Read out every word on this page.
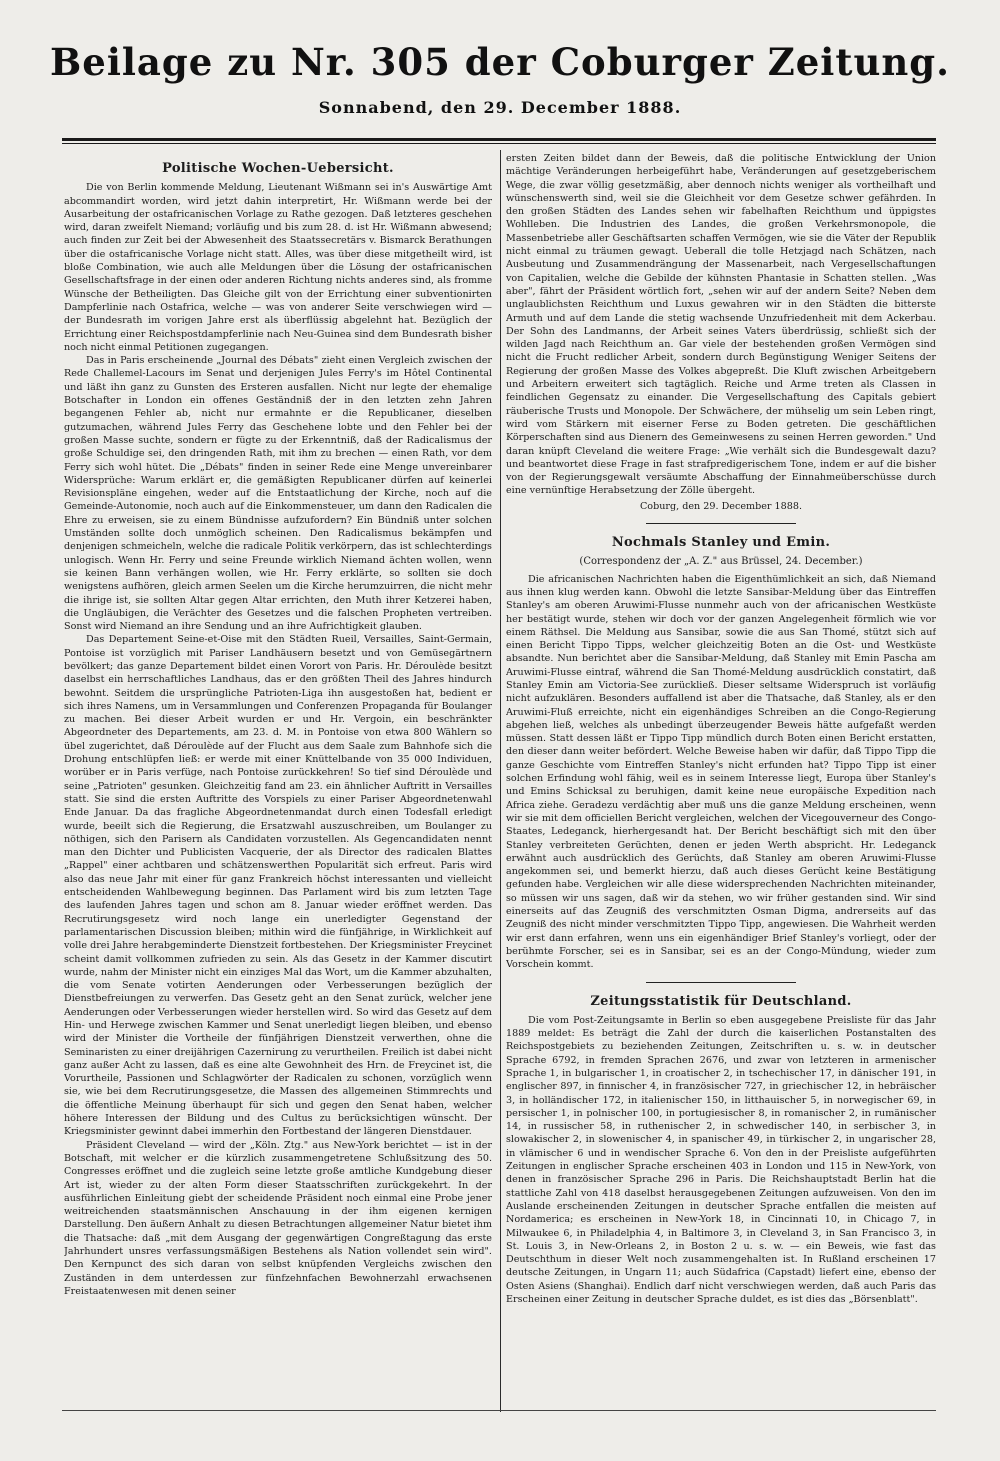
Beilage zu Nr. 305 der Coburger Zeitung.
Sonnabend, den 29. December 1888.
Politische Wochen-Uebersicht.

Die von Berlin kommende Meldung, Lieutenant Wißmann sei in's Auswärtige Amt abcommandirt worden, wird jetzt dahin interpretirt, Hr. Wißmann werde bei der Ausarbeitung der ostafricanischen Vorlage zu Rathe gezogen. Daß letzteres geschehen wird, daran zweifelt Niemand; vorläufig und bis zum 28. d. ist Hr. Wißmann abwesend; auch finden zur Zeit bei der Abwesenheit des Staatssecretärs v. Bismarck Berathungen über die ostafricanische Vorlage nicht statt. Alles, was über diese mitgetheilt wird, ist bloße Combination, wie auch alle Meldungen über die Lösung der ostafricanischen Gesellschaftsfrage in der einen oder anderen Richtung nichts anderes sind, als fromme Wünsche der Betheiligten. Das Gleiche gilt von der Errichtung einer subventionirten Dampferlinie nach Ostafrica, welche — was von anderer Seite verschwiegen wird — der Bundesrath im vorigen Jahre erst als überflüssig abgelehnt hat. Bezüglich der Errichtung einer Reichspostdampferlinie nach Neu-Guinea sind dem Bundesrath bisher noch nicht einmal Petitionen zugegangen.

Das in Paris erscheinende „Journal des Débats" zieht einen Vergleich zwischen der Rede Challemel-Lacours im Senat und derjenigen Jules Ferry's im Hôtel Continental und läßt ihn ganz zu Gunsten des Ersteren ausfallen. Nicht nur legte der ehemalige Botschafter in London ein offenes Geständniß der in den letzten zehn Jahren begangenen Fehler ab, nicht nur ermahnte er die Republicaner, dieselben gutzumachen, während Jules Ferry das Geschehene lobte und den Fehler bei der großen Masse suchte, sondern er fügte zu der Erkenntniß, daß der Radicalismus der große Schuldige sei, den dringenden Rath, mit ihm zu brechen — einen Rath, vor dem Ferry sich wohl hütet. Die „Débats" finden in seiner Rede eine Menge unvereinbarer Widersprüche: Warum erklärt er, die gemäßigten Republicaner dürfen auf keinerlei Revisionspläne eingehen, weder auf die Entstaatlichung der Kirche, noch auf die Gemeinde-Autonomie, noch auch auf die Einkommensteuer, um dann den Radicalen die Ehre zu erweisen, sie zu einem Bündnisse aufzufordern? Ein Bündniß unter solchen Umständen sollte doch unmöglich scheinen. Den Radicalismus bekämpfen und denjenigen schmeicheln, welche die radicale Politik verkörpern, das ist schlechterdings unlogisch. Wenn Hr. Ferry und seine Freunde wirklich Niemand ächten wollen, wenn sie keinen Bann verhängen wollen, wie Hr. Ferry erklärte, so sollten sie doch wenigstens aufhören, gleich armen Seelen um die Kirche herumzuirren, die nicht mehr die ihrige ist, sie sollten Altar gegen Altar errichten, den Muth ihrer Ketzerei haben, die Ungläubigen, die Verächter des Gesetzes und die falschen Propheten vertreiben. Sonst wird Niemand an ihre Sendung und an ihre Aufrichtigkeit glauben.

Das Departement Seine-et-Oise mit den Städten Rueil, Versailles, Saint-Germain, Pontoise ist vorzüglich mit Pariser Landhäusern besetzt und von Gemüsegärtnern bevölkert; das ganze Departement bildet einen Vorort von Paris. Hr. Déroulède besitzt daselbst ein herrschaftliches Landhaus, das er den größten Theil des Jahres hindurch bewohnt. Seitdem die ursprüngliche Patrioten-Liga ihn ausgestoßen hat, bedient er sich ihres Namens, um in Versammlungen und Conferenzen Propaganda für Boulanger zu machen. Bei dieser Arbeit wurden er und Hr. Vergoin, ein beschränkter Abgeordneter des Departements, am 23. d. M. in Pontoise von etwa 800 Wählern so übel zugerichtet, daß Déroulède auf der Flucht aus dem Saale zum Bahnhofe sich die Drohung entschlüpfen ließ: er werde mit einer Knüttelbande von 35 000 Individuen, worüber er in Paris verfüge, nach Pontoise zurückkehren! So tief sind Déroulède und seine „Patrioten" gesunken. Gleichzeitig fand am 23. ein ähnlicher Auftritt in Versailles statt. Sie sind die ersten Auftritte des Vorspiels zu einer Pariser Abgeordnetenwahl Ende Januar. Da das fragliche Abgeordnetenmandat durch einen Todesfall erledigt wurde, beeilt sich die Regierung, die Ersatzwahl auszuschreiben, um Boulanger zu nöthigen, sich den Parisern als Candidaten vorzustellen. Als Gegencandidaten nennt man den Dichter und Publicisten Vacquerie, der als Director des radicalen Blattes „Rappel" einer achtbaren und schätzenswerthen Popularität sich erfreut. Paris wird also das neue Jahr mit einer für ganz Frankreich höchst interessanten und vielleicht entscheidenden Wahlbewegung beginnen. Das Parlament wird bis zum letzten Tage des laufenden Jahres tagen und schon am 8. Januar wieder eröffnet werden. Das Recrutirungsgesetz wird noch lange ein unerledigter Gegenstand der parlamentarischen Discussion bleiben; mithin wird die fünfjährige, in Wirklichkeit auf volle drei Jahre herabgeminderte Dienstzeit fortbestehen. Der Kriegsminister Freycinet scheint damit vollkommen zufrieden zu sein. Als das Gesetz in der Kammer discutirt wurde, nahm der Minister nicht ein einziges Mal das Wort, um die Kammer abzuhalten, die vom Senate votirten Aenderungen oder Verbesserungen bezüglich der Dienstbefreiungen zu verwerfen. Das Gesetz geht an den Senat zurück, welcher jene Aenderungen oder Verbesserungen wieder herstellen wird. So wird das Gesetz auf dem Hin- und Herwege zwischen Kammer und Senat unerledigt liegen bleiben, und ebenso wird der Minister die Vortheile der fünfjährigen Dienstzeit verwerthen, ohne die Seminaristen zu einer dreijährigen Cazernirung zu verurtheilen. Freilich ist dabei nicht ganz außer Acht zu lassen, daß es eine alte Gewohnheit des Hrn. de Freycinet ist, die Vorurtheile, Passionen und Schlagwörter der Radicalen zu schonen, vorzüglich wenn sie, wie bei dem Recrutirungsgesetze, die Massen des allgemeinen Stimmrechts und die öffentliche Meinung überhaupt für sich und gegen den Senat haben, welcher höhere Interessen der Bildung und des Cultus zu berücksichtigen wünscht. Der Kriegsminister gewinnt dabei immerhin den Fortbestand der längeren Dienstdauer.

Präsident Cleveland — wird der „Köln. Ztg." aus New-York berichtet — ist in der Botschaft, mit welcher er die kürzlich zusammengetretene Schlußsitzung des 50. Congresses eröffnet und die zugleich seine letzte große amtliche Kundgebung dieser Art ist, wieder zu der alten Form dieser Staatsschriften zurückgekehrt. In der ausführlichen Einleitung giebt der scheidende Präsident noch einmal eine Probe jener weitreichenden staatsmännischen Anschauung in der ihm eigenen kernigen Darstellung. Den äußern Anhalt zu diesen Betrachtungen allgemeiner Natur bietet ihm die Thatsache: daß „mit dem Ausgang der gegenwärtigen Congreßtagung das erste Jahrhundert unsres verfassungsmäßigen Bestehens als Nation vollendet sein wird". Den Kernpunct des sich daran von selbst knüpfenden Vergleichs zwischen den Zuständen in dem unterdessen zur fünfzehnfachen Bewohnerzahl erwachsenen Freistaatenwesen mit denen seiner

ersten Zeiten bildet dann der Beweis, daß die politische Entwicklung der Union mächtige Veränderungen herbeigeführt habe, Veränderungen auf gesetzgeberischem Wege, die zwar völlig gesetzmäßig, aber dennoch nichts weniger als vortheilhaft und wünschenswerth sind, weil sie die Gleichheit vor dem Gesetze schwer gefährden. In den großen Städten des Landes sehen wir fabelhaften Reichthum und üppigstes Wohlleben. Die Industrien des Landes, die großen Verkehrsmonopole, die Massenbetriebe aller Geschäftsarten schaffen Vermögen, wie sie die Väter der Republik nicht einmal zu träumen gewagt. Ueberall die tolle Hetzjagd nach Schätzen, nach Ausbeutung und Zusammendrängung der Massenarbeit, nach Vergesellschaftungen von Capitalien, welche die Gebilde der kühnsten Phantasie in Schatten stellen. „Was aber", fährt der Präsident wörtlich fort, „sehen wir auf der andern Seite? Neben dem unglaublichsten Reichthum und Luxus gewahren wir in den Städten die bitterste Armuth und auf dem Lande die stetig wachsende Unzufriedenheit mit dem Ackerbau. Der Sohn des Landmanns, der Arbeit seines Vaters überdrüssig, schließt sich der wilden Jagd nach Reichthum an. Gar viele der bestehenden großen Vermögen sind nicht die Frucht redlicher Arbeit, sondern durch Begünstigung Weniger Seitens der Regierung der großen Masse des Volkes abgepreßt. Die Kluft zwischen Arbeitgebern und Arbeitern erweitert sich tagtäglich. Reiche und Arme treten als Classen in feindlichen Gegensatz zu einander. Die Vergesellschaftung des Capitals gebiert räuberische Trusts und Monopole. Der Schwächere, der mühselig um sein Leben ringt, wird vom Stärkern mit eiserner Ferse zu Boden getreten. Die geschäftlichen Körperschaften sind aus Dienern des Gemeinwesens zu seinen Herren geworden." Und daran knüpft Cleveland die weitere Frage: „Wie verhält sich die Bundesgewalt dazu? und beantwortet diese Frage in fast strafpredigerischem Tone, indem er auf die bisher von der Regierungsgewalt versäumte Abschaffung der Einnahmeüberschüsse durch eine vernünftige Herabsetzung der Zölle übergeht.

Coburg, den 29. December 1888.
Nochmals Stanley und Emin.
(Correspondenz der „A. Z." aus Brüssel, 24. December.)

Die africanischen Nachrichten haben die Eigenthümlichkeit an sich, daß Niemand aus ihnen klug werden kann. Obwohl die letzte Sansibar-Meldung über das Eintreffen Stanley's am oberen Aruwimi-Flusse nunmehr auch von der africanischen Westküste her bestätigt wurde, stehen wir doch vor der ganzen Angelegenheit förmlich wie vor einem Räthsel. Die Meldung aus Sansibar, sowie die aus San Thomé, stützt sich auf einen Bericht Tippo Tipps, welcher gleichzeitig Boten an die Ost- und Westküste absandte. Nun berichtet aber die Sansibar-Meldung, daß Stanley mit Emin Pascha am Aruwimi-Flusse eintraf, während die San Thomé-Meldung ausdrücklich constatirt, daß Stanley Emin am Victoria-See zurückließ. Dieser seltsame Widerspruch ist vorläufig nicht aufzuklären. Besonders auffallend ist aber die Thatsache, daß Stanley, als er den Aruwimi-Fluß erreichte, nicht ein eigenhändiges Schreiben an die Congo-Regierung abgehen ließ, welches als unbedingt überzeugender Beweis hätte aufgefaßt werden müssen. Statt dessen läßt er Tippo Tipp mündlich durch Boten einen Bericht erstatten, den dieser dann weiter befördert. Welche Beweise haben wir dafür, daß Tippo Tipp die ganze Geschichte vom Eintreffen Stanley's nicht erfunden hat? Tippo Tipp ist einer solchen Erfindung wohl fähig, weil es in seinem Interesse liegt, Europa über Stanley's und Emins Schicksal zu beruhigen, damit keine neue europäische Expedition nach Africa ziehe. Geradezu verdächtig aber muß uns die ganze Meldung erscheinen, wenn wir sie mit dem officiellen Bericht vergleichen, welchen der Vicegouverneur des Congo-Staates, Ledeganck, hierhergesandt hat. Der Bericht beschäftigt sich mit den über Stanley verbreiteten Gerüchten, denen er jeden Werth abspricht. Hr. Ledeganck erwähnt auch ausdrücklich des Gerüchts, daß Stanley am oberen Aruwimi-Flusse angekommen sei, und bemerkt hierzu, daß auch dieses Gerücht keine Bestätigung gefunden habe. Vergleichen wir alle diese widersprechenden Nachrichten miteinander, so müssen wir uns sagen, daß wir da stehen, wo wir früher gestanden sind. Wir sind einerseits auf das Zeugniß des verschmitzten Osman Digma, andrerseits auf das Zeugniß des nicht minder verschmitzten Tippo Tipp, angewiesen. Die Wahrheit werden wir erst dann erfahren, wenn uns ein eigenhändiger Brief Stanley's vorliegt, oder der berühmte Forscher, sei es in Sansibar, sei es an der Congo-Mündung, wieder zum Vorschein kommt.

Zeitungsstatistik für Deutschland.

Die vom Post-Zeitungsamte in Berlin so eben ausgegebene Preisliste für das Jahr 1889 meldet: Es beträgt die Zahl der durch die kaiserlichen Postanstalten des Reichspostgebiets zu beziehenden Zeitungen, Zeitschriften u. s. w. in deutscher Sprache 6792, in fremden Sprachen 2676, und zwar von letzteren in armenischer Sprache 1, in bulgarischer 1, in croatischer 2, in tschechischer 17, in dänischer 191, in englischer 897, in finnischer 4, in französischer 727, in griechischer 12, in hebräischer 3, in holländischer 172, in italienischer 150, in litthauischer 5, in norwegischer 69, in persischer 1, in polnischer 100, in portugiesischer 8, in romanischer 2, in rumänischer 14, in russischer 58, in ruthenischer 2, in schwedischer 140, in serbischer 3, in slowakischer 2, in slowenischer 4, in spanischer 49, in türkischer 2, in ungarischer 28, in vlämischer 6 und in wendischer Sprache 6. Von den in der Preisliste aufgeführten Zeitungen in englischer Sprache erscheinen 403 in London und 115 in New-York, von denen in französischer Sprache 296 in Paris. Die Reichshauptstadt Berlin hat die stattliche Zahl von 418 daselbst herausgegebenen Zeitungen aufzuweisen. Von den im Auslande erscheinenden Zeitungen in deutscher Sprache entfallen die meisten auf Nordamerica; es erscheinen in New-York 18, in Cincinnati 10, in Chicago 7, in Milwaukee 6, in Philadelphia 4, in Baltimore 3, in Cleveland 3, in San Francisco 3, in St. Louis 3, in New-Orleans 2, in Boston 2 u. s. w. — ein Beweis, wie fast das Deutschthum in dieser Welt noch zusammengehalten ist. In Rußland erscheinen 17 deutsche Zeitungen, in Ungarn 11; auch Südafrica (Capstadt) liefert eine, ebenso der Osten Asiens (Shanghai). Endlich darf nicht verschwiegen werden, daß auch Paris das Erscheinen einer Zeitung in deutscher Sprache duldet, es ist dies das „Börsenblatt".
